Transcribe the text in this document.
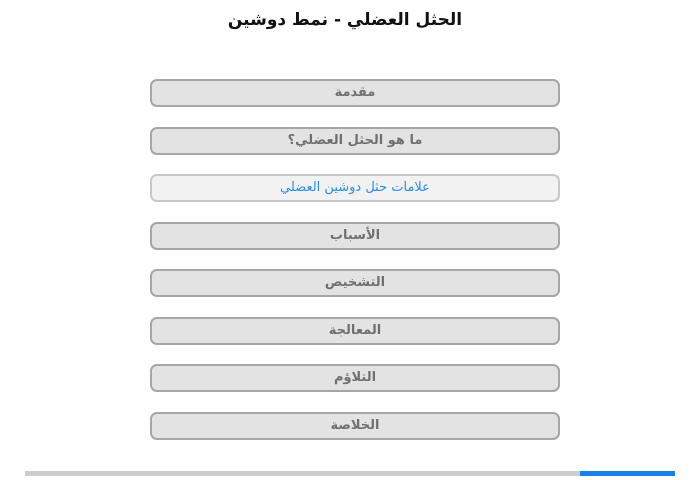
الحثل العضلي - نمط دوشين
مقدمة
ما هو الحثل العضلي؟
علامات حثل دوشين العضلي
الأسباب
التشخيص
المعالجة
التلاؤم
الخلاصة
